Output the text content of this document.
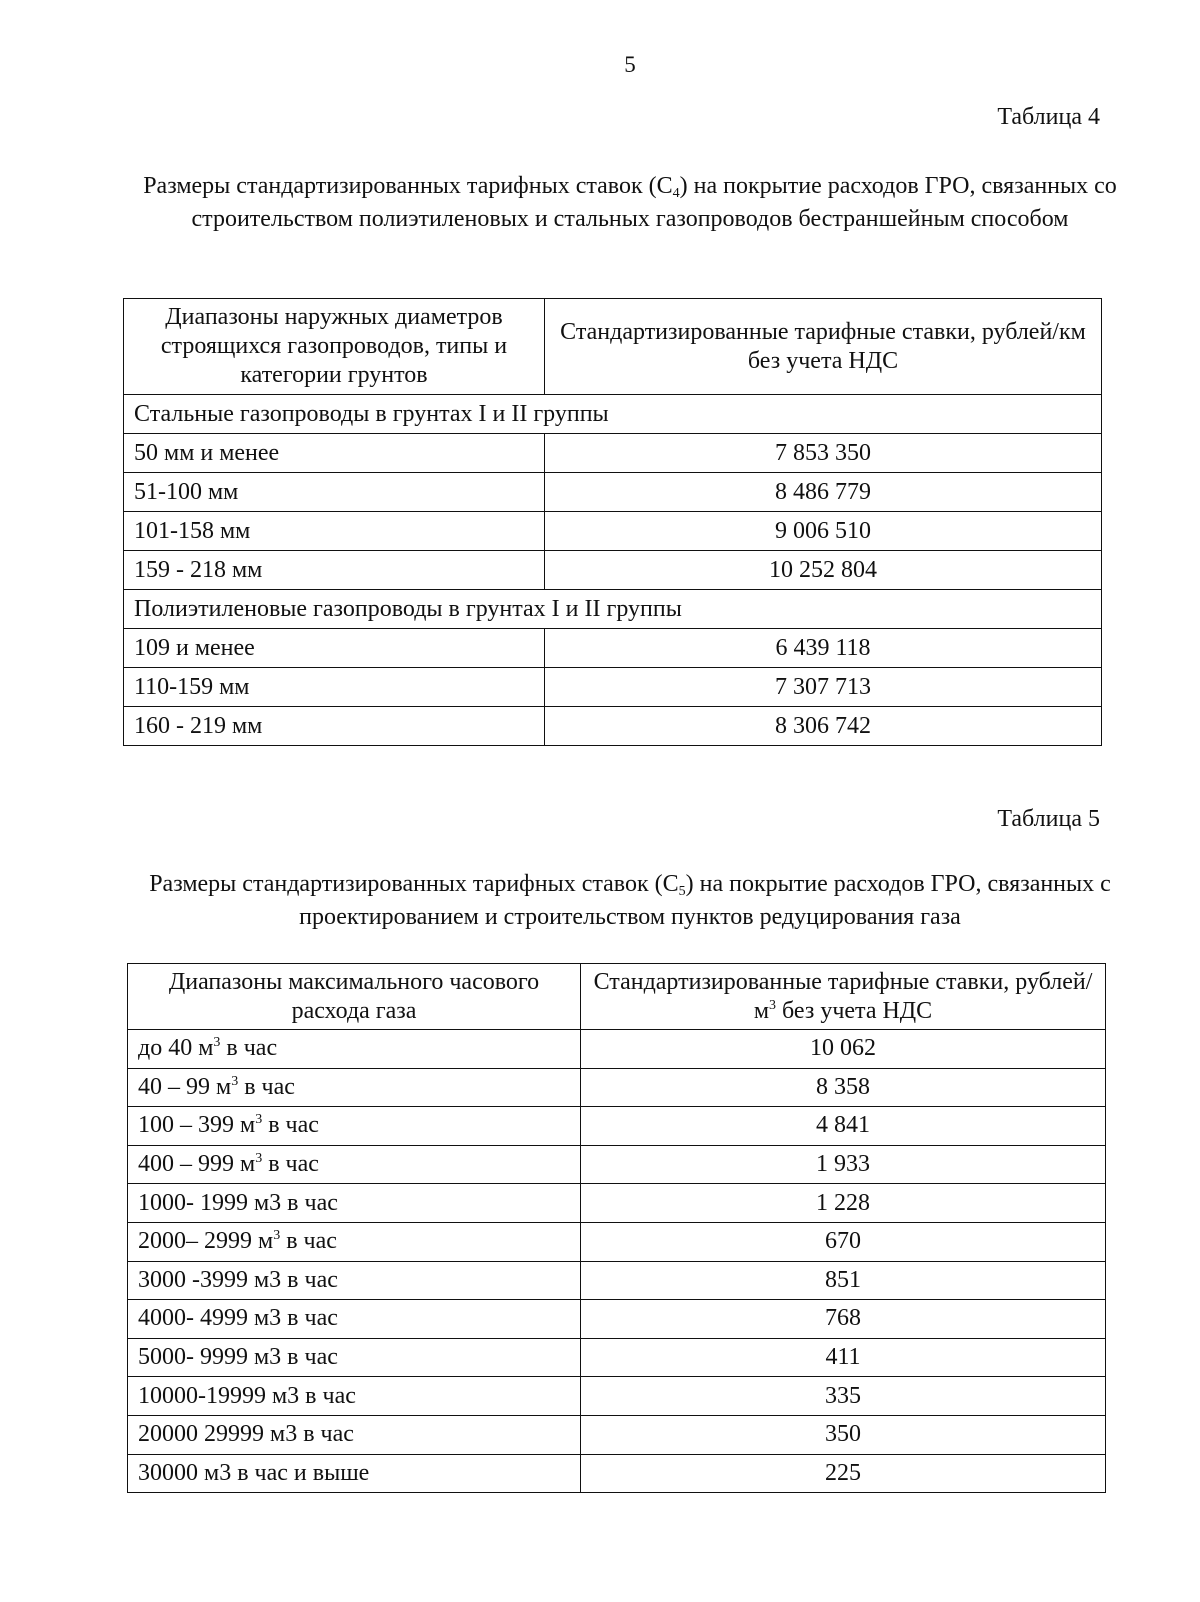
5
Таблица 4
Размеры стандартизированных тарифных ставок $(С_4)$ на покрытие расходов ГРО, связанных со строительством полиэтиленовых и стальных газопроводов бестраншейным способом
Диапазоны наружных диаметров строящихся газопроводов, типы и категории грунтов	Стандартизированные тарифные ставки, рублей/км без учета НДС
Стальные газопроводы в грунтах I и II группы	
50 мм и менее	7 853 350
51-100 мм	8 486 779
101-158 мм	9 006 510
159 - 218 мм	10 252 804
Полиэтиленовые газопроводы в грунтах I и II группы	
109 и менее	6 439 118
110-159 мм	7 307 713
160 - 219 мм	8 306 742
Таблица 5
Размеры стандартизированных тарифных ставок $(С_5)$ на покрытие расходов ГРО, связанных с проектированием и строительством пунктов редуцирования газа
Диапазоны максимального часового расхода газа	Стандартизированные тарифные ставки, рублей/$м^3$ без учета НДС
до 40 $м^3$ в час	10 062
40 – 99 $м^3$ в час	8 358
100 – 399 $м^3$ в час	4 841
400 – 999 $м^3$ в час	1 933
1000- 1999 м3 в час	1 228
2000– 2999 $м^3$ в час	670
3000 -3999 м3 в час	851
4000- 4999 м3 в час	768
5000- 9999 м3 в час	411
10000-19999 м3 в час	335
20000 29999 м3 в час	350
30000 м3 в час и выше	225
